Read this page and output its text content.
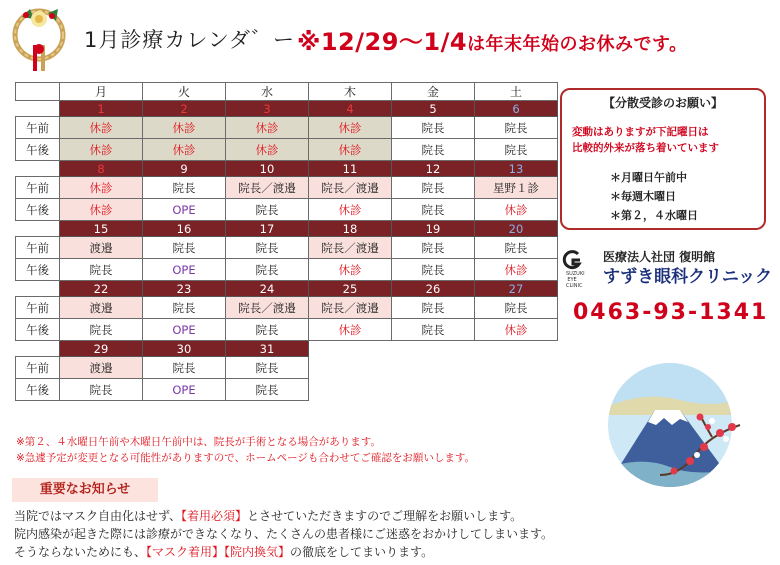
1月診療カレンダ゛ー ※12/29～1/4は年末年始のお休みです。
	月	火	水	木	金	土
	1	2	3	4	5	6
午前	休診	休診	休診	休診	院長	院長
午後	休診	休診	休診	休診	院長	院長
	8	9	10	11	12	13
午前	休診	院長	院長／渡邉	院長／渡邉	院長	星野１診
午後	休診	OPE	院長	休診	院長	休診
	15	16	17	18	19	20
午前	渡邉	院長	院長	院長／渡邉	院長	院長
午後	院長	OPE	院長	休診	院長	休診
	22	23	24	25	26	27
午前	渡邉	院長	院長／渡邉	院長／渡邉	院長	院長
午後	院長	OPE	院長	休診	院長	休診
	29	30	31			
午前	渡邉	院長	院長			
午後	院長	OPE	院長			
※第２、４水曜日午前や木曜日午前中は、院長が手術となる場合があります。
※急遽予定が変更となる可能性がありますので、ホームページも合わせてご確認をお願いします。
重要なお知らせ
当院ではマスク自由化はせず、【着用必須】とさせていただきますのでご理解をお願いします。
院内感染が起きた際には診療ができなくなり、たくさんの患者様にご迷惑をおかけしてしまいます。
そうならないためにも、【マスク着用】【院内換気】の徹底をしてまいります。
【分散受診のお願い】
変動はありますが下記曜日は
比較的外来が落ち着いています
＊月曜日午前中
＊毎週木曜日
＊第２，４水曜日
SUZUKI EYE CLINIC
医療法人社団 復明館
すずき眼科クリニック
0463-93-1341
